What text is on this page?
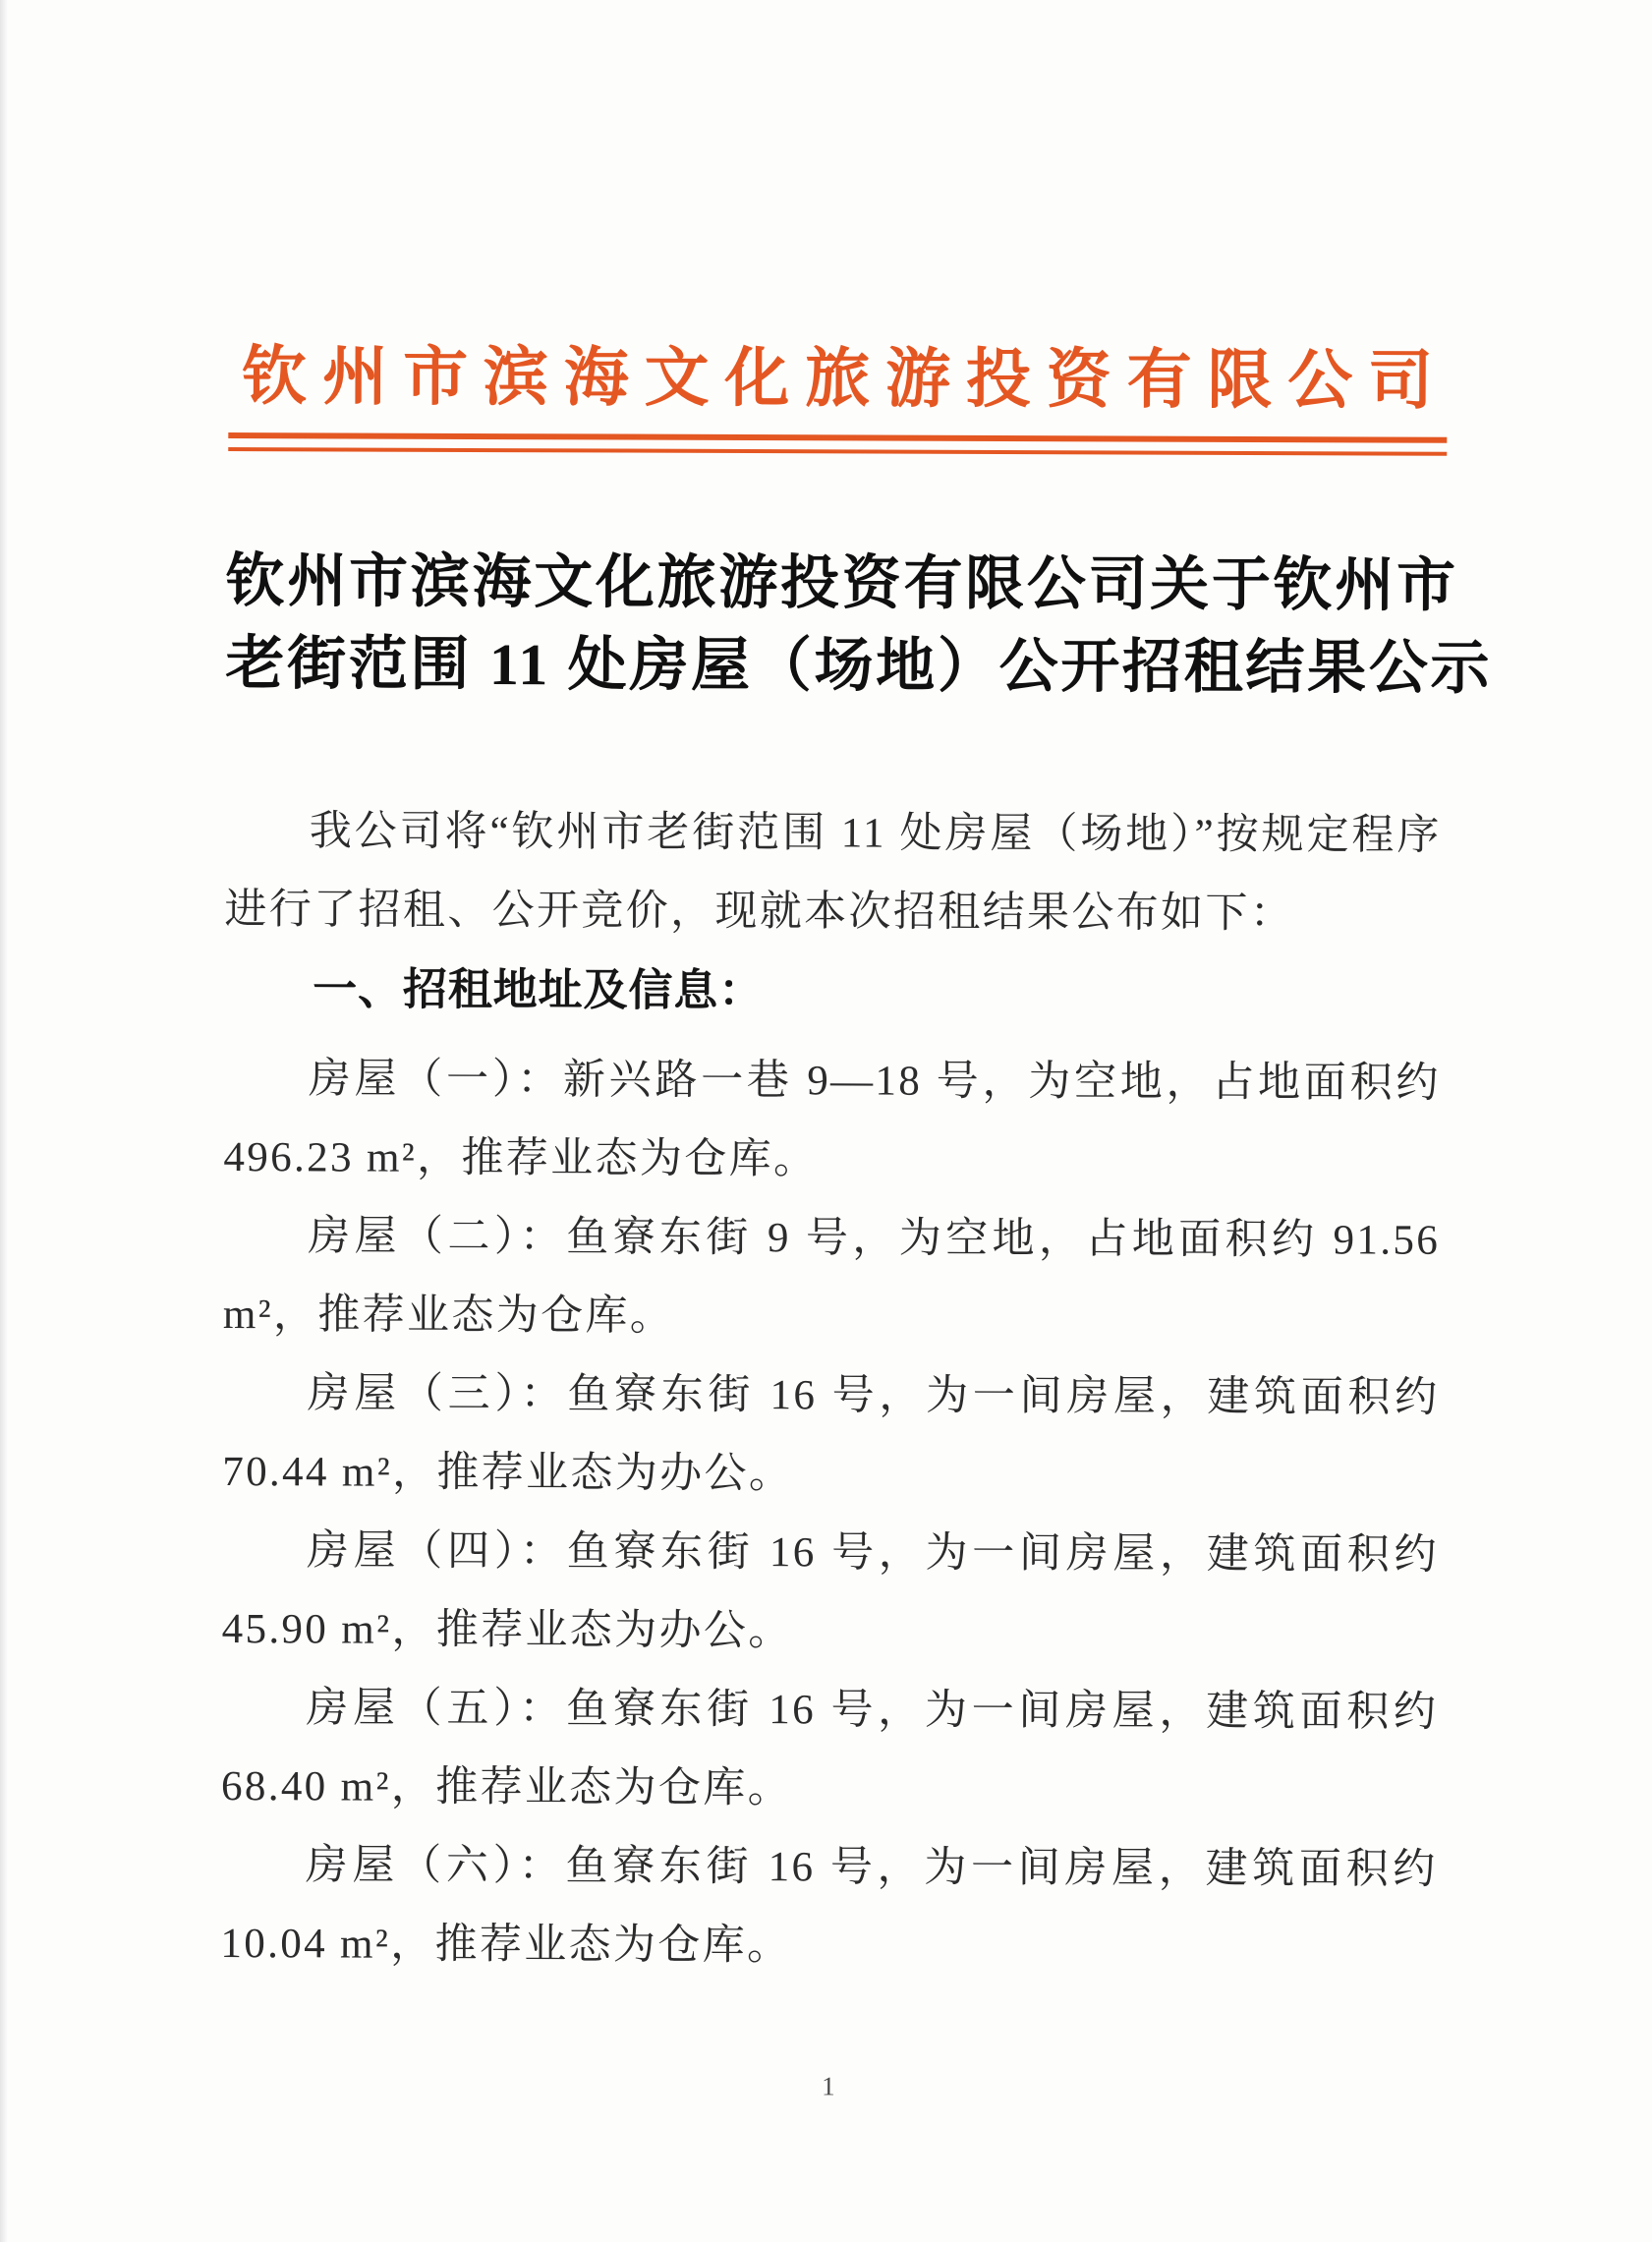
钦州市滨海文化旅游投资有限公司
钦州市滨海文化旅游投资有限公司关于钦州市
老街范围 11 处房屋（场地）公开招租结果公示

我公司将“钦州市老街范围 11 处房屋（场地）”按规定程序进行了招租、公开竞价，现就本次招租结果公布如下：

一、招租地址及信息：

房屋（一）：新兴路一巷 9—18 号，为空地，占地面积约 496.23 m²，推荐业态为仓库。

房屋（二）：鱼寮东街 9 号，为空地，占地面积约 91.56 m²，推荐业态为仓库。

房屋（三）：鱼寮东街 16 号，为一间房屋，建筑面积约 70.44 m²，推荐业态为办公。

房屋（四）：鱼寮东街 16 号，为一间房屋，建筑面积约 45.90 m²，推荐业态为办公。

房屋（五）：鱼寮东街 16 号，为一间房屋，建筑面积约 68.40 m²，推荐业态为仓库。

房屋（六）：鱼寮东街 16 号，为一间房屋，建筑面积约 10.04 m²，推荐业态为仓库。

1
